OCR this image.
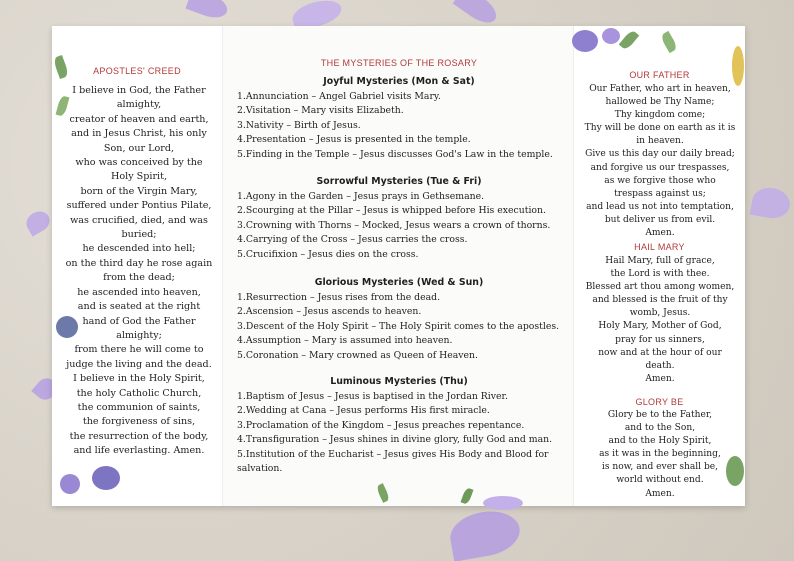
APOSTLES' CREED
I believe in God, the Father
almighty,
creator of heaven and earth,
and in Jesus Christ, his only
Son, our Lord,
who was conceived by the
Holy Spirit,
born of the Virgin Mary,
suffered under Pontius Pilate,
was crucified, died, and was
buried;
he descended into hell;
on the third day he rose again
from the dead;
he ascended into heaven,
and is seated at the right
hand of God the Father
almighty;
from there he will come to
judge the living and the dead.
I believe in the Holy Spirit,
the holy Catholic Church,
the communion of saints,
the forgiveness of sins,
the resurrection of the body,
and life everlasting. Amen.
THE MYSTERIES OF THE ROSARY
Joyful Mysteries (Mon & Sat)
1.Annunciation – Angel Gabriel visits Mary.
2.Visitation – Mary visits Elizabeth.
3.Nativity – Birth of Jesus.
4.Presentation – Jesus is presented in the temple.
5.Finding in the Temple – Jesus discusses God's Law in the temple.
Sorrowful Mysteries (Tue & Fri)
1.Agony in the Garden – Jesus prays in Gethsemane.
2.Scourging at the Pillar – Jesus is whipped before His execution.
3.Crowning with Thorns – Mocked, Jesus wears a crown of thorns.
4.Carrying of the Cross – Jesus carries the cross.
5.Crucifixion – Jesus dies on the cross.
Glorious Mysteries (Wed & Sun)
1.Resurrection – Jesus rises from the dead.
2.Ascension – Jesus ascends to heaven.
3.Descent of the Holy Spirit – The Holy Spirit comes to the apostles.
4.Assumption – Mary is assumed into heaven.
5.Coronation – Mary crowned as Queen of Heaven.
Luminous Mysteries (Thu)
1.Baptism of Jesus – Jesus is baptised in the Jordan River.
2.Wedding at Cana – Jesus performs His first miracle.
3.Proclamation of the Kingdom – Jesus preaches repentance.
4.Transfiguration – Jesus shines in divine glory, fully God and man.
5.Institution of the Eucharist – Jesus gives His Body and Blood for salvation.
OUR FATHER
Our Father, who art in heaven,
hallowed be Thy Name;
Thy kingdom come;
Thy will be done on earth as it is
in heaven.
Give us this day our daily bread;
and forgive us our trespasses,
as we forgive those who
trespass against us;
and lead us not into temptation,
but deliver us from evil.
Amen.
HAIL MARY
Hail Mary, full of grace,
the Lord is with thee.
Blessed art thou among women,
and blessed is the fruit of thy
womb, Jesus.
Holy Mary, Mother of God,
pray for us sinners,
now and at the hour of our
death.
Amen.
GLORY BE
Glory be to the Father,
and to the Son,
and to the Holy Spirit,
as it was in the beginning,
is now, and ever shall be,
world without end.
Amen.
